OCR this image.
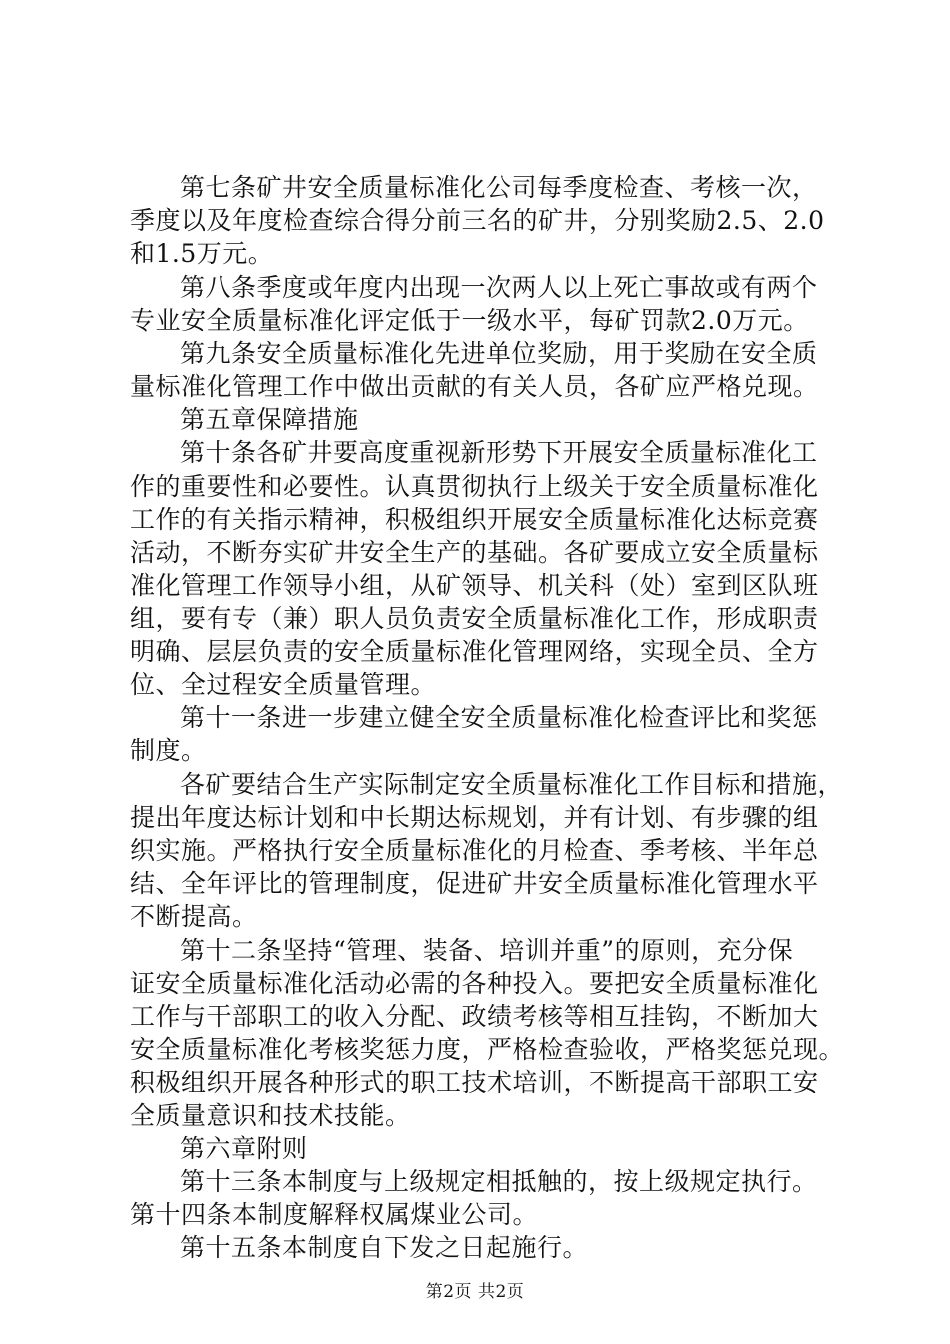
第七条矿井安全质量标准化公司每季度检查、考核一次，
季度以及年度检查综合得分前三名的矿井，分别奖励2.5、2.0
和1.5万元。
第八条季度或年度内出现一次两人以上死亡事故或有两个
专业安全质量标准化评定低于一级水平，每矿罚款2.0万元。
第九条安全质量标准化先进单位奖励，用于奖励在安全质
量标准化管理工作中做出贡献的有关人员，各矿应严格兑现。
第五章保障措施
第十条各矿井要高度重视新形势下开展安全质量标准化工
作的重要性和必要性。认真贯彻执行上级关于安全质量标准化
工作的有关指示精神，积极组织开展安全质量标准化达标竞赛
活动，不断夯实矿井安全生产的基础。各矿要成立安全质量标
准化管理工作领导小组，从矿领导、机关科（处）室到区队班
组，要有专（兼）职人员负责安全质量标准化工作，形成职责
明确、层层负责的安全质量标准化管理网络，实现全员、全方
位、全过程安全质量管理。
第十一条进一步建立健全安全质量标准化检查评比和奖惩
制度。
各矿要结合生产实际制定安全质量标准化工作目标和措施，
提出年度达标计划和中长期达标规划，并有计划、有步骤的组
织实施。严格执行安全质量标准化的月检查、季考核、半年总
结、全年评比的管理制度，促进矿井安全质量标准化管理水平
不断提高。
第十二条坚持“管理、装备、培训并重”的原则，充分保
证安全质量标准化活动必需的各种投入。要把安全质量标准化
工作与干部职工的收入分配、政绩考核等相互挂钩，不断加大
安全质量标准化考核奖惩力度，严格检查验收，严格奖惩兑现。
积极组织开展各种形式的职工技术培训，不断提高干部职工安
全质量意识和技术技能。
第六章附则
第十三条本制度与上级规定相抵触的，按上级规定执行。
第十四条本制度解释权属煤业公司。
第十五条本制度自下发之日起施行。
第2页 共2页
